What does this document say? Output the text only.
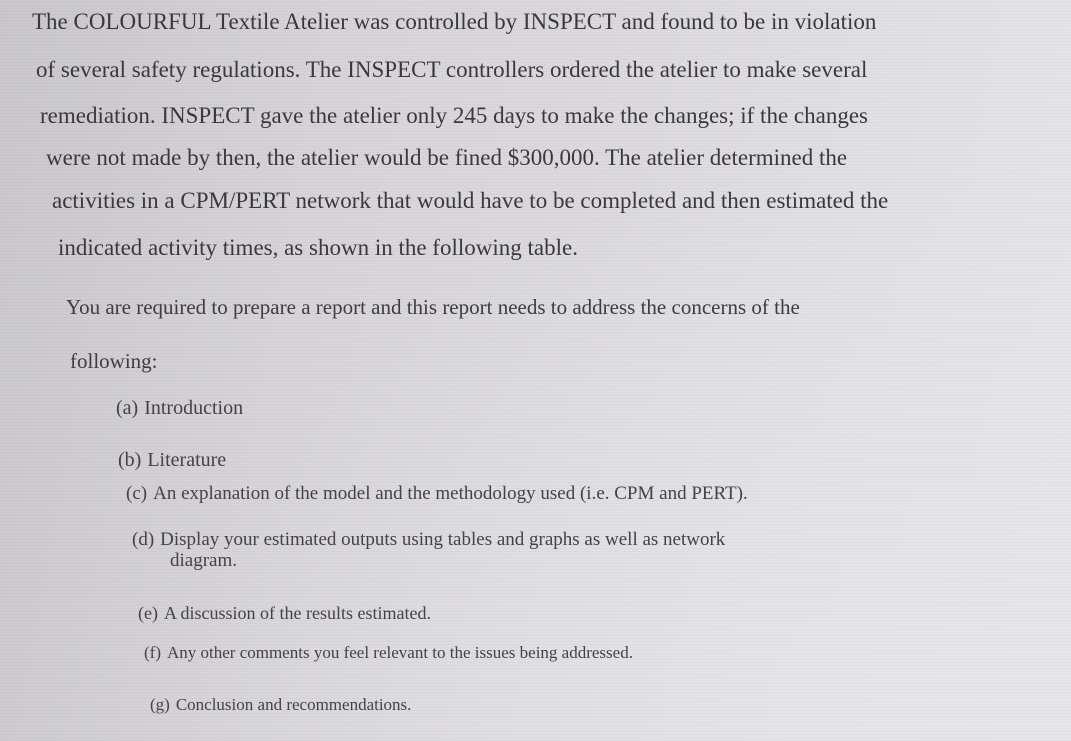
The COLOURFUL Textile Atelier was controlled by INSPECT and found to be in violation
of several safety regulations. The INSPECT controllers ordered the atelier to make several
remediation. INSPECT gave the atelier only 245 days to make the changes; if the changes
were not made by then, the atelier would be fined $300,000. The atelier determined the
activities in a CPM/PERT network that would have to be completed and then estimated the
indicated activity times, as shown in the following table.
You are required to prepare a report and this report needs to address the concerns of the
following:
(a) Introduction
(b) Literature
(c) An explanation of the model and the methodology used (i.e. CPM and PERT).
(d) Display your estimated outputs using tables and graphs as well as network
diagram.
(e) A discussion of the results estimated.
(f) Any other comments you feel relevant to the issues being addressed.
(g) Conclusion and recommendations.
